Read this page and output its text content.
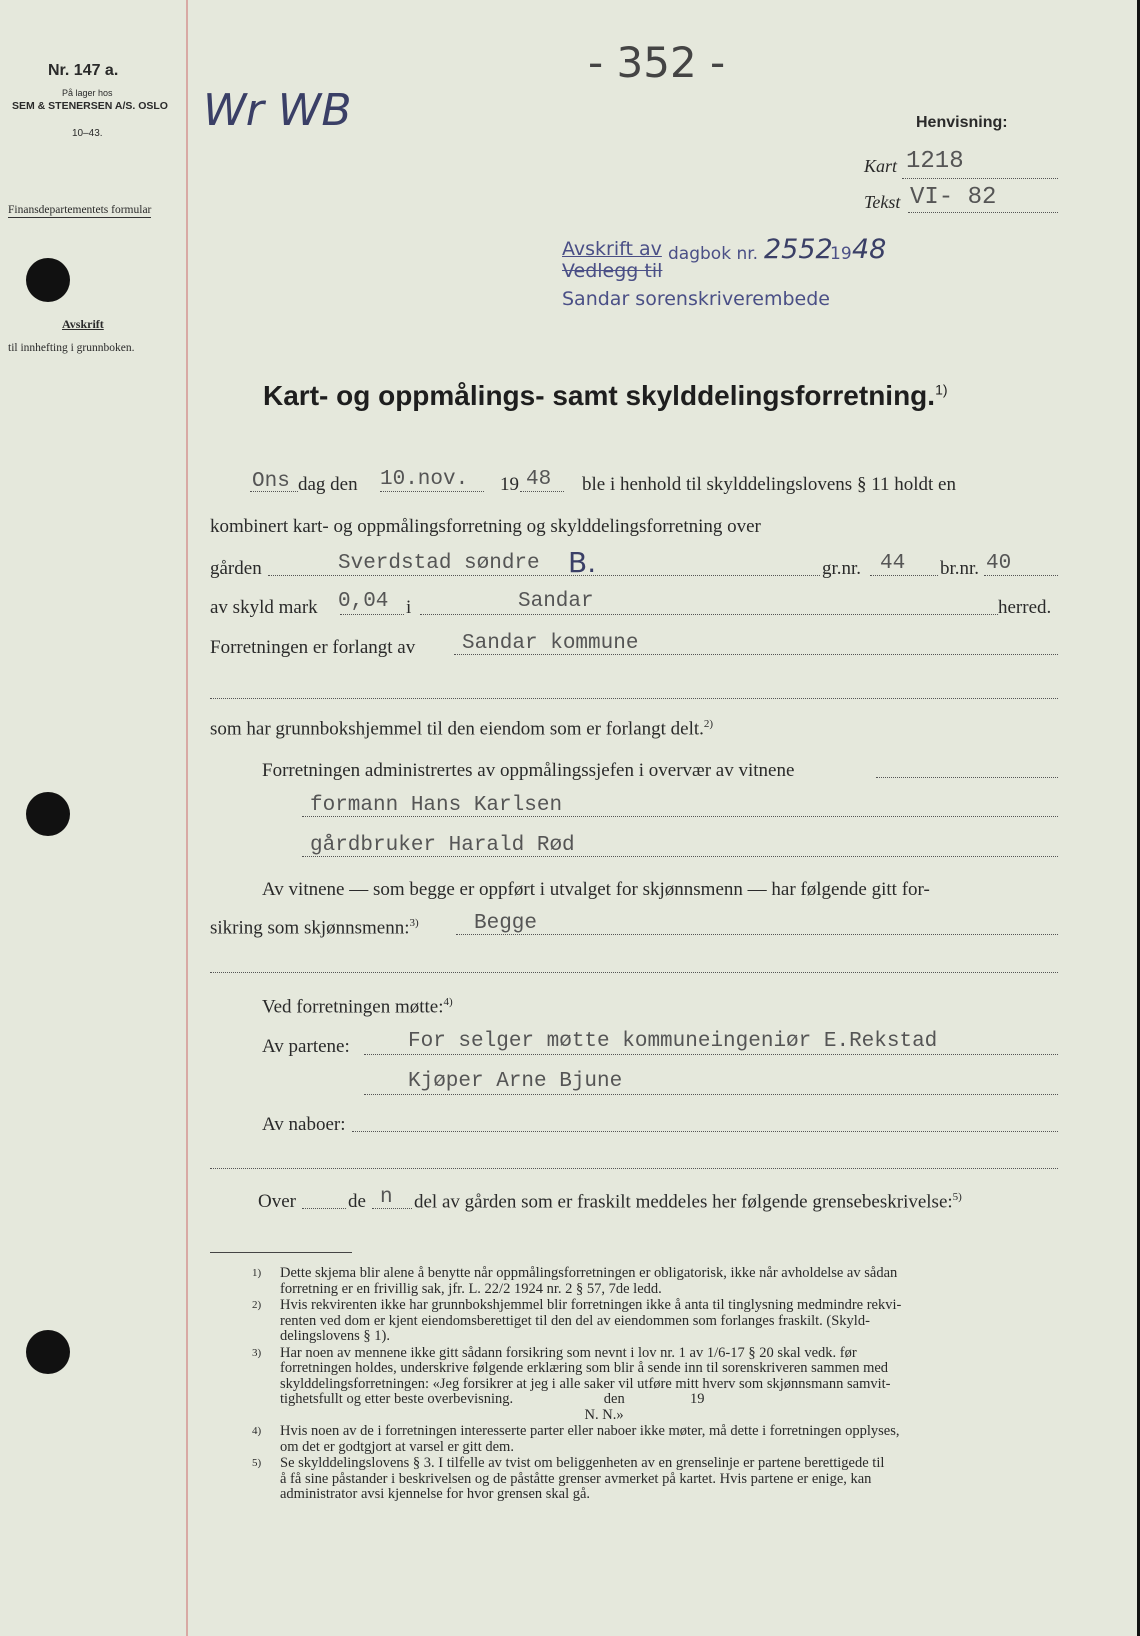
- 352 -
Nr. 147 a.
På lager hos
SEM & STENERSEN A/S. OSLO
10–43.
Finansdepartementets formular
Avskrift
til innhefting i grunnboken.
Wr WB	Henvisning:
Kart 1218
Tekst VI- 82
Avskrift av
Vedlegg til
dagbok nr. 2552
19 48
Sandar sorenskriverembede
Kart- og oppmålings- samt skylddelingsforretning.$^{1)}$
Ons dag den 10.nov. 19 48 ble i henhold til skylddelingslovens § 11 holdt en
kombinert kart- og oppmålingsforretning og skylddelingsforretning over
gården	Sverdstad søndre B.	gr.nr. 44 br.nr. 40
av skyld mark 0,04 i	Sandar	herred.
Forretningen er forlangt av Sandar kommune
som har grunnbokshjemmel til den eiendom som er forlangt delt.$^{2)}$
Forretningen administrertes av oppmålingssjefen i overvær av vitnene
formann Hans Karlsen
gårdbruker Harald Rød
Av vitnene — som begge er oppført i utvalget for skjønnsmenn — har følgende gitt for-
sikring som skjønnsmenn:$^{3)}$	Begge
Ved forretningen møtte:$^{4)}$
Av partene:	For selger møtte kommuneingeniør E.Rekstad
Kjøper Arne Bjune
Av naboer:
Over	de n del av gården som er fraskilt meddeles her følgende grensebeskrivelse:$^{5)}$
1) Dette skjema blir alene å benytte når oppmålingsforretningen er obligatorisk, ikke når avholdelse av sådan
forretning er en frivillig sak, jfr. L. 22/2 1924 nr. 2 § 57, 7de ledd.
2) Hvis rekvirenten ikke har grunnbokshjemmel blir forretningen ikke å anta til tinglysning medmindre rekvi-
renten ved dom er kjent eiendomsberettiget til den del av eiendommen som forlanges fraskilt. (Skyld-
delingslovens § 1).
3) Har noen av mennene ikke gitt sådann forsikring som nevnt i lov nr. 1 av 1/6-17 § 20 skal vedk. før
forretningen holdes, underskrive følgende erklæring som blir å sende inn til sorenskriveren sammen med
skylddelingsforretningen: «Jeg forsikrer at jeg i alle saker vil utføre mitt hverv som skjønnsmann samvit-
tighetsfullt og etter beste overbevisning.                         den                  19
N. N.»
4) Hvis noen av de i forretningen interesserte parter eller naboer ikke møter, må dette i forretningen opplyses,
om det er godtgjort at varsel er gitt dem.
5) Se skylddelingslovens § 3. I tilfelle av tvist om beliggenheten av en grenselinje er partene berettigede til
å få sine påstander i beskrivelsen og de påståtte grenser avmerket på kartet. Hvis partene er enige, kan
administrator avsi kjennelse for hvor grensen skal gå.
